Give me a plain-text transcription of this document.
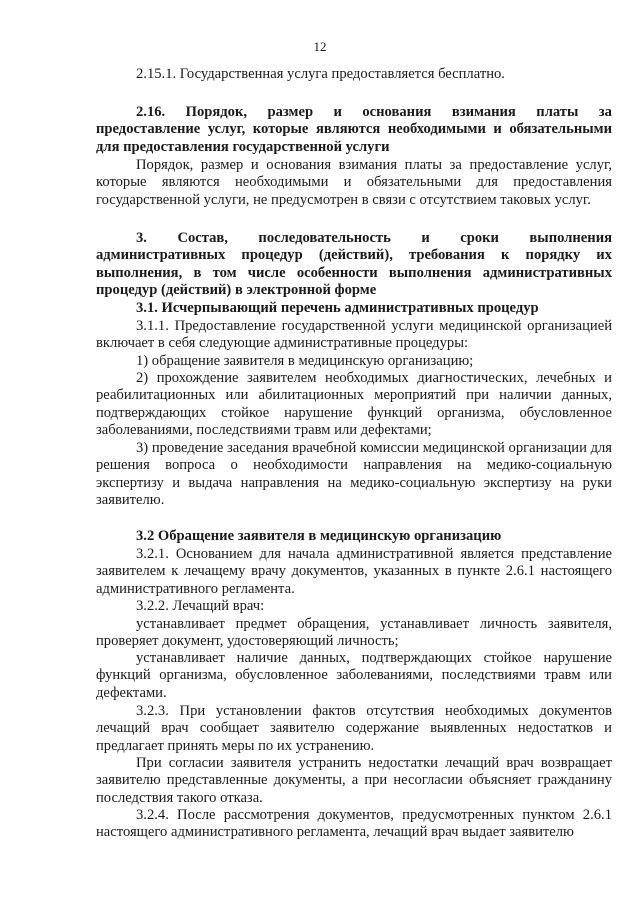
12

2.15.1. Государственная услуга предоставляется бесплатно.

2.16. Порядок, размер и основания взимания платы за
предоставление услуг, которые являются необходимыми и обязательными
для предоставления государственной услуги

Порядок, размер и основания взимания платы за предоставление услуг, которые являются необходимыми и обязательными для предоставления государственной услуги, не предусмотрен в связи с отсутствием таковых услуг.

3. Состав, последовательность и сроки выполнения
административных процедур (действий), требования к порядку их
выполнения, в том числе особенности выполнения административных
процедур (действий) в электронной форме

3.1. Исчерпывающий перечень административных процедур

3.1.1. Предоставление государственной услуги медицинской организацией включает в себя следующие административные процедуры:

1) обращение заявителя в медицинскую организацию;

2) прохождение заявителем необходимых диагностических, лечебных и реабилитационных или абилитационных мероприятий при наличии данных, подтверждающих стойкое нарушение функций организма, обусловленное заболеваниями, последствиями травм или дефектами;

3) проведение заседания врачебной комиссии медицинской организации для решения вопроса о необходимости направления на медико-социальную экспертизу и выдача направления на медико-социальную экспертизу на руки заявителю.

3.2 Обращение заявителя в медицинскую организацию

3.2.1. Основанием для начала административной является представление заявителем к лечащему врачу документов, указанных в пункте 2.6.1 настоящего административного регламента.

3.2.2. Лечащий врач:

устанавливает предмет обращения, устанавливает личность заявителя, проверяет документ, удостоверяющий личность;

устанавливает наличие данных, подтверждающих стойкое нарушение функций организма, обусловленное заболеваниями, последствиями травм или дефектами.

3.2.3. При установлении фактов отсутствия необходимых документов лечащий врач сообщает заявителю содержание выявленных недостатков и предлагает принять меры по их устранению.

При согласии заявителя устранить недостатки лечащий врач возвращает заявителю представленные документы, а при несогласии объясняет гражданину последствия такого отказа.

3.2.4. После рассмотрения документов, предусмотренных пунктом 2.6.1 настоящего административного регламента, лечащий врач выдает заявителю
